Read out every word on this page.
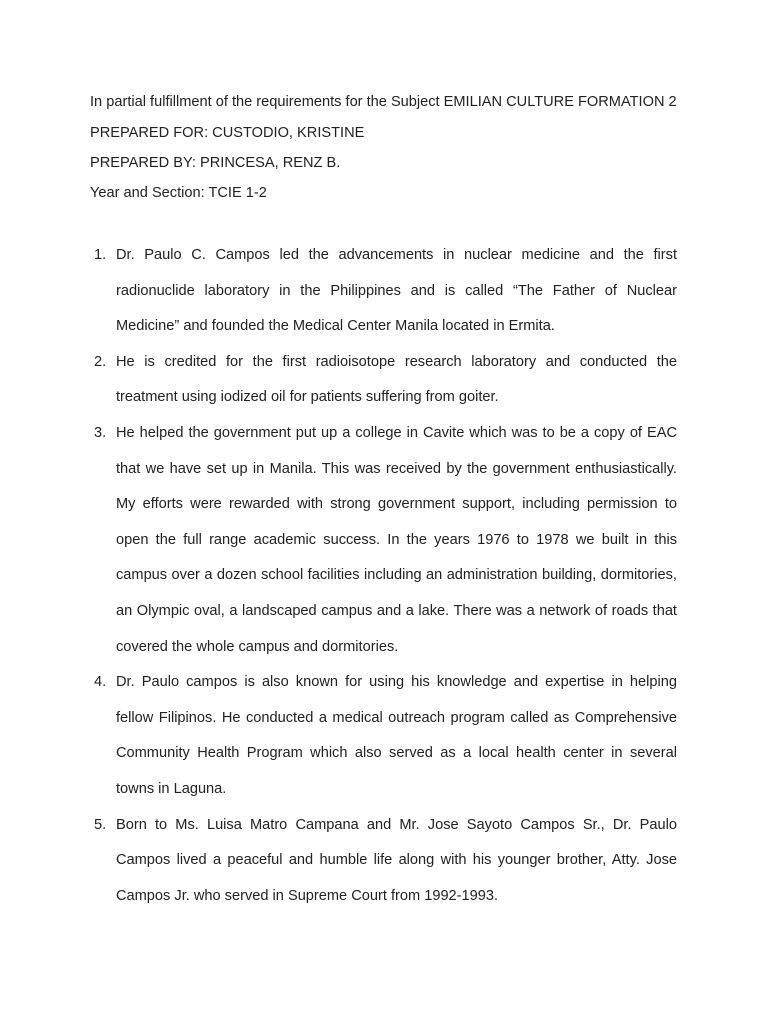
In partial fulfillment of the requirements for the Subject EMILIAN CULTURE FORMATION 2

PREPARED FOR: CUSTODIO, KRISTINE

PREPARED BY: PRINCESA, RENZ B.

Year and Section: TCIE 1-2

1. Dr. Paulo C. Campos led the advancements in nuclear medicine and the first radionuclide laboratory in the Philippines and is called “The Father of Nuclear Medicine” and founded the Medical Center Manila located in Ermita.
2. He is credited for the first radioisotope research laboratory and conducted the treatment using iodized oil for patients suffering from goiter.
3. He helped the government put up a college in Cavite which was to be a copy of EAC that we have set up in Manila. This was received by the government enthusiastically. My efforts were rewarded with strong government support, including permission to open the full range academic success. In the years 1976 to 1978 we built in this campus over a dozen school facilities including an administration building, dormitories, an Olympic oval, a landscaped campus and a lake. There was a network of roads that covered the whole campus and dormitories.
4. Dr. Paulo campos is also known for using his knowledge and expertise in helping fellow Filipinos. He conducted a medical outreach program called as Comprehensive Community Health Program which also served as a local health center in several towns in Laguna.
5. Born to Ms. Luisa Matro Campana and Mr. Jose Sayoto Campos Sr., Dr. Paulo Campos lived a peaceful and humble life along with his younger brother, Atty. Jose Campos Jr. who served in Supreme Court from 1992-1993.
